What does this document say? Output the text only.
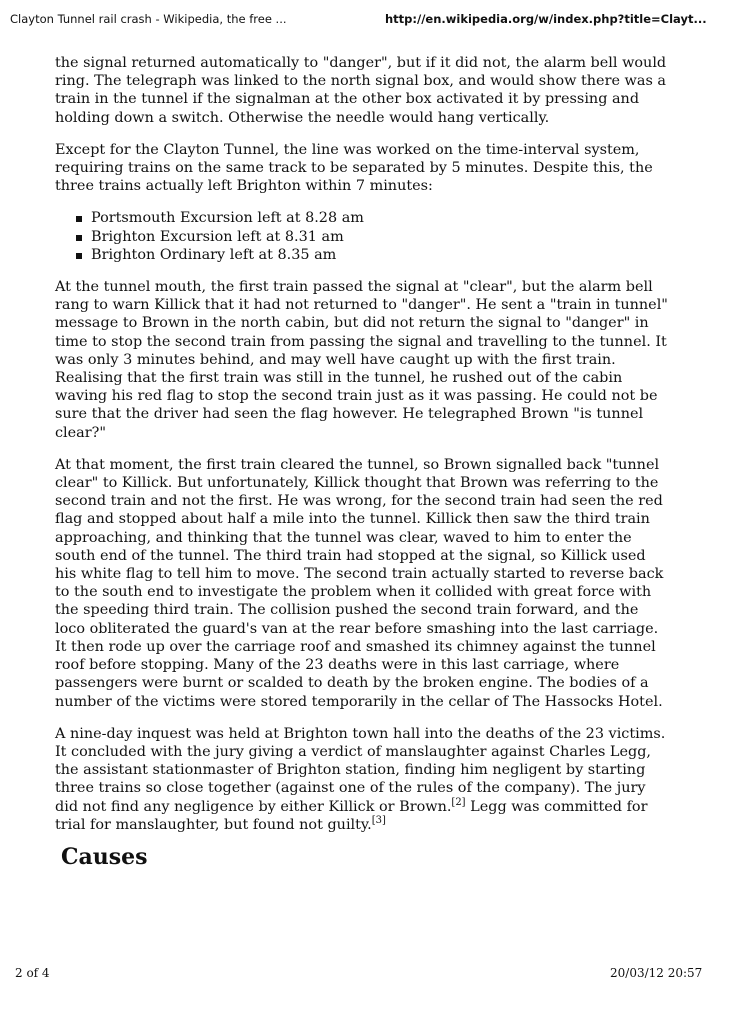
Clayton Tunnel rail crash - Wikipedia, the free ...	http://en.wikipedia.org/w/index.php?title=Clayt...

the signal returned automatically to "danger", but if it did not, the alarm bell would ring. The telegraph was linked to the north signal box, and would show there was a train in the tunnel if the signalman at the other box activated it by pressing and holding down a switch. Otherwise the needle would hang vertically.

Except for the Clayton Tunnel, the line was worked on the time-interval system, requiring trains on the same track to be separated by 5 minutes. Despite this, the three trains actually left Brighton within 7 minutes:

Portsmouth Excursion left at 8.28 am
Brighton Excursion left at 8.31 am
Brighton Ordinary left at 8.35 am

At the tunnel mouth, the first train passed the signal at "clear", but the alarm bell rang to warn Killick that it had not returned to "danger". He sent a "train in tunnel" message to Brown in the north cabin, but did not return the signal to "danger" in time to stop the second train from passing the signal and travelling to the tunnel. It was only 3 minutes behind, and may well have caught up with the first train. Realising that the first train was still in the tunnel, he rushed out of the cabin waving his red flag to stop the second train just as it was passing. He could not be sure that the driver had seen the flag however. He telegraphed Brown "is tunnel clear?"

At that moment, the first train cleared the tunnel, so Brown signalled back "tunnel clear" to Killick. But unfortunately, Killick thought that Brown was referring to the second train and not the first. He was wrong, for the second train had seen the red flag and stopped about half a mile into the tunnel. Killick then saw the third train approaching, and thinking that the tunnel was clear, waved to him to enter the south end of the tunnel. The third train had stopped at the signal, so Killick used his white flag to tell him to move. The second train actually started to reverse back to the south end to investigate the problem when it collided with great force with the speeding third train. The collision pushed the second train forward, and the loco obliterated the guard's van at the rear before smashing into the last carriage. It then rode up over the carriage roof and smashed its chimney against the tunnel roof before stopping. Many of the 23 deaths were in this last carriage, where passengers were burnt or scalded to death by the broken engine. The bodies of a number of the victims were stored temporarily in the cellar of The Hassocks Hotel.

A nine-day inquest was held at Brighton town hall into the deaths of the 23 victims. It concluded with the jury giving a verdict of manslaughter against Charles Legg, the assistant stationmaster of Brighton station, finding him negligent by starting three trains so close together (against one of the rules of the company). The jury did not find any negligence by either Killick or Brown.[2] Legg was committed for trial for manslaughter, but found not guilty.[3]

Causes
2 of 4	20/03/12 20:57
